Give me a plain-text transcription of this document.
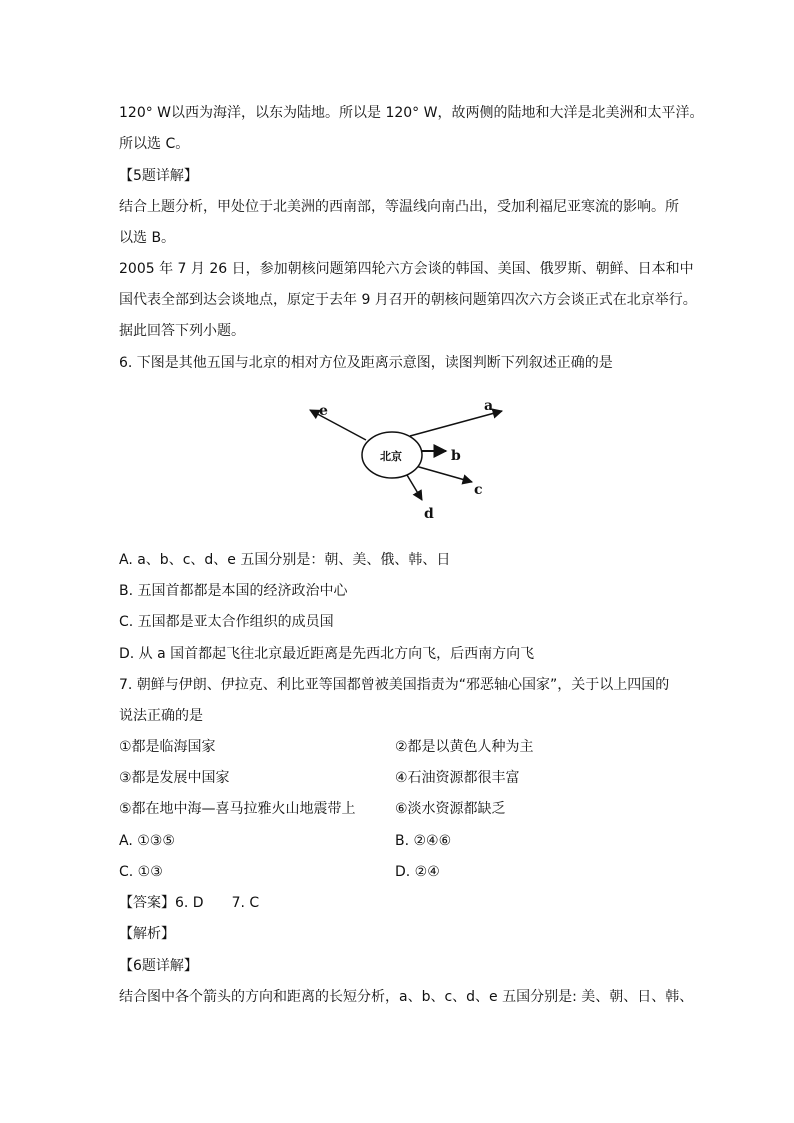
120° W以西为海洋，以东为陆地。所以是 120° W，故两侧的陆地和大洋是北美洲和太平洋。
所以选 C。
【5题详解】
结合上题分析，甲处位于北美洲的西南部，等温线向南凸出，受加利福尼亚寒流的影响。所
以选 B。
2005 年 7 月 26 日，参加朝核问题第四轮六方会谈的韩国、美国、俄罗斯、朝鲜、日本和中
国代表全部到达会谈地点，原定于去年 9 月召开的朝核问题第四次六方会谈正式在北京举行。
据此回答下列小题。
6. 下图是其他五国与北京的相对方位及距离示意图，读图判断下列叙述正确的是
北京
e	a
b
c
d
A. a、b、c、d、e 五国分别是：朝、美、俄、韩、日
B. 五国首都都是本国的经济政治中心
C. 五国都是亚太合作组织的成员国
D. 从 a 国首都起飞往北京最近距离是先西北方向飞，后西南方向飞
7. 朝鲜与伊朗、伊拉克、利比亚等国都曾被美国指责为“邪恶轴心国家”，关于以上四国的
说法正确的是
①都是临海国家	②都是以黄色人种为主
③都是发展中国家	④石油资源都很丰富
⑤都在地中海—喜马拉雅火山地震带上	⑥淡水资源都缺乏
A. ①③⑤	B. ②④⑥
C. ①③	D. ②④
【答案】6. D　　7. C
【解析】
【6题详解】
结合图中各个箭头的方向和距离的长短分析，a、b、c、d、e 五国分别是: 美、朝、日、韩、
